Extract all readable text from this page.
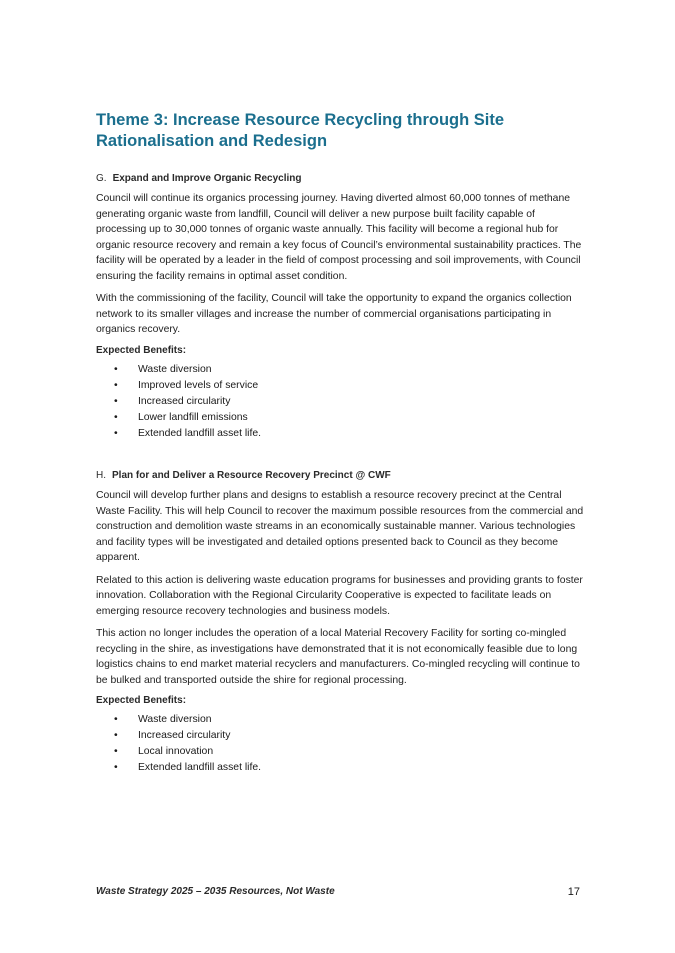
Theme 3: Increase Resource Recycling through Site
Rationalisation and Redesign
G. Expand and Improve Organic Recycling

Council will continue its organics processing journey. Having diverted almost 60,000 tonnes of methane generating organic waste from landfill, Council will deliver a new purpose built facility capable of processing up to 30,000 tonnes of organic waste annually. This facility will become a regional hub for organic resource recovery and remain a key focus of Council’s environmental sustainability practices. The facility will be operated by a leader in the field of compost processing and soil improvements, with Council ensuring the facility remains in optimal asset condition.

With the commissioning of the facility, Council will take the opportunity to expand the organics collection network to its smaller villages and increase the number of commercial organisations participating in organics recovery.

Expected Benefits:
• Waste diversion
• Improved levels of service
• Increased circularity
• Lower landfill emissions
• Extended landfill asset life.
H. Plan for and Deliver a Resource Recovery Precinct @ CWF

Council will develop further plans and designs to establish a resource recovery precinct at the Central Waste Facility. This will help Council to recover the maximum possible resources from the commercial and construction and demolition waste streams in an economically sustainable manner. Various technologies and facility types will be investigated and detailed options presented back to Council as they become apparent.

Related to this action is delivering waste education programs for businesses and providing grants to foster innovation. Collaboration with the Regional Circularity Cooperative is expected to facilitate leads on emerging resource recovery technologies and business models.

This action no longer includes the operation of a local Material Recovery Facility for sorting co-mingled recycling in the shire, as investigations have demonstrated that it is not economically feasible due to long logistics chains to end market material recyclers and manufacturers. Co-mingled recycling will continue to be bulked and transported outside the shire for regional processing.

Expected Benefits:
• Waste diversion
• Increased circularity
• Local innovation
• Extended landfill asset life.
Waste Strategy 2025 – 2035 Resources, Not Waste	17
